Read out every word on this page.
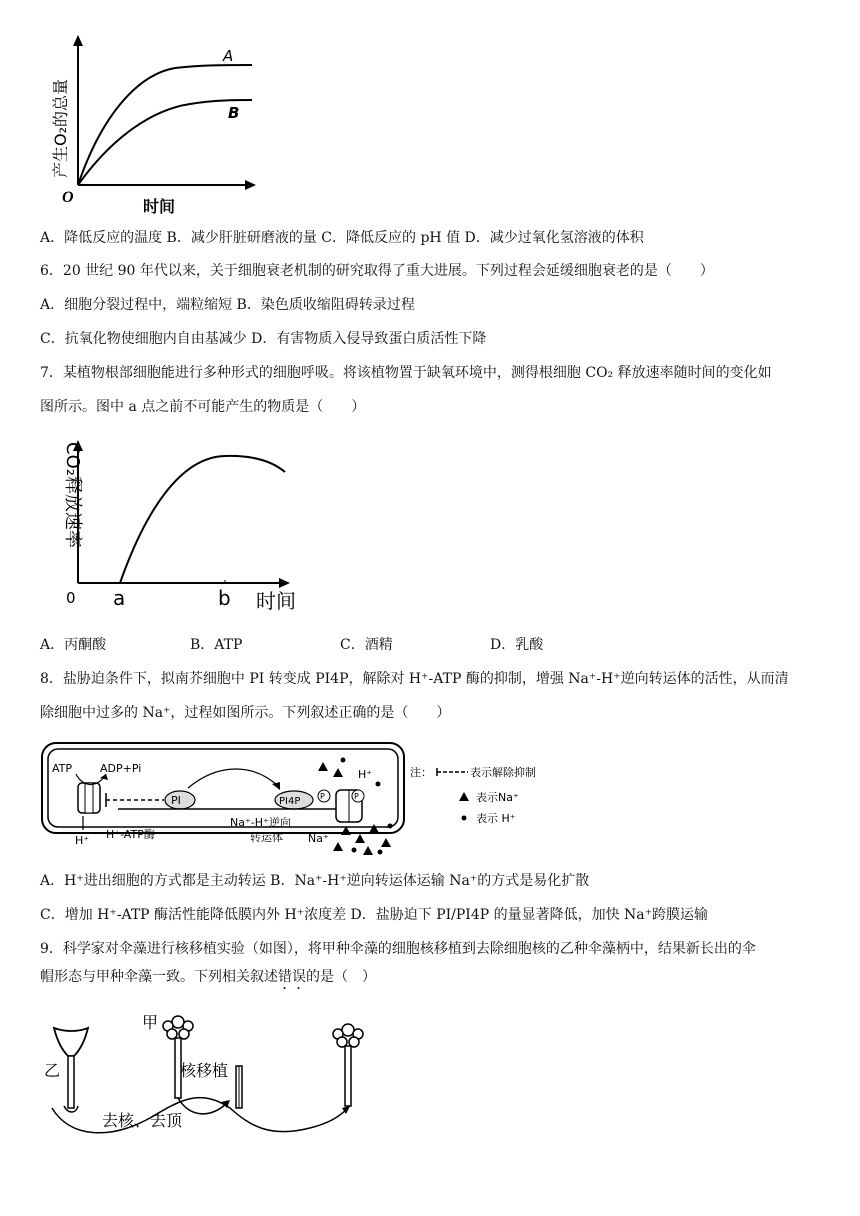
A
B
O	时间
产生O₂的总量
A．降低反应的温度 B．减少肝脏研磨液的量 C．降低反应的 pH 值 D．减少过氧化氢溶液的体积
6．20 世纪 90 年代以来，关于细胞衰老机制的研究取得了重大进展。下列过程会延缓细胞衰老的是（　　）
A．细胞分裂过程中，端粒缩短 B．染色质收缩阻碍转录过程
C．抗氧化物使细胞内自由基减少 D．有害物质入侵导致蛋白质活性下降
7．某植物根部细胞能进行多种形式的细胞呼吸。将该植物置于缺氧环境中，测得根细胞 CO₂ 释放速率随时间的变化如
图所示。图中 a 点之前不可能产生的物质是（　　）
0 a	b 时间
CO₂释放速率
A．丙酮酸	B．ATP	C．酒精	D．乳酸
8．盐胁迫条件下，拟南芥细胞中 PI 转变成 PI4P，解除对 H⁺-ATP 酶的抑制，增强 Na⁺-H⁺逆向转运体的活性，从而清
除细胞中过多的 Na⁺，过程如图所示。下列叙述正确的是（　　）
ATP	ADP+Pi
H⁺ H⁺-ATP酶
PI	PI4P P	P
Na⁺-H⁺逆向
转运体 Na⁺
H⁺	注：	表示解除抑制
表示Na⁺
表示 H⁺
A．H⁺进出细胞的方式都是主动转运 B．Na⁺-H⁺逆向转运体运输 Na⁺的方式是易化扩散
C．增加 H⁺-ATP 酶活性能降低膜内外 H⁺浓度差 D．盐胁迫下 PI/PI4P 的量显著降低，加快 Na⁺跨膜运输
9．科学家对伞藻进行核移植实验（如图），将甲种伞藻的细胞核移植到去除细胞核的乙种伞藻柄中，结果新长出的伞
帽形态与甲种伞藻一致。下列相关叙述错误的是（　）
乙
甲
核移植
去核、去顶
